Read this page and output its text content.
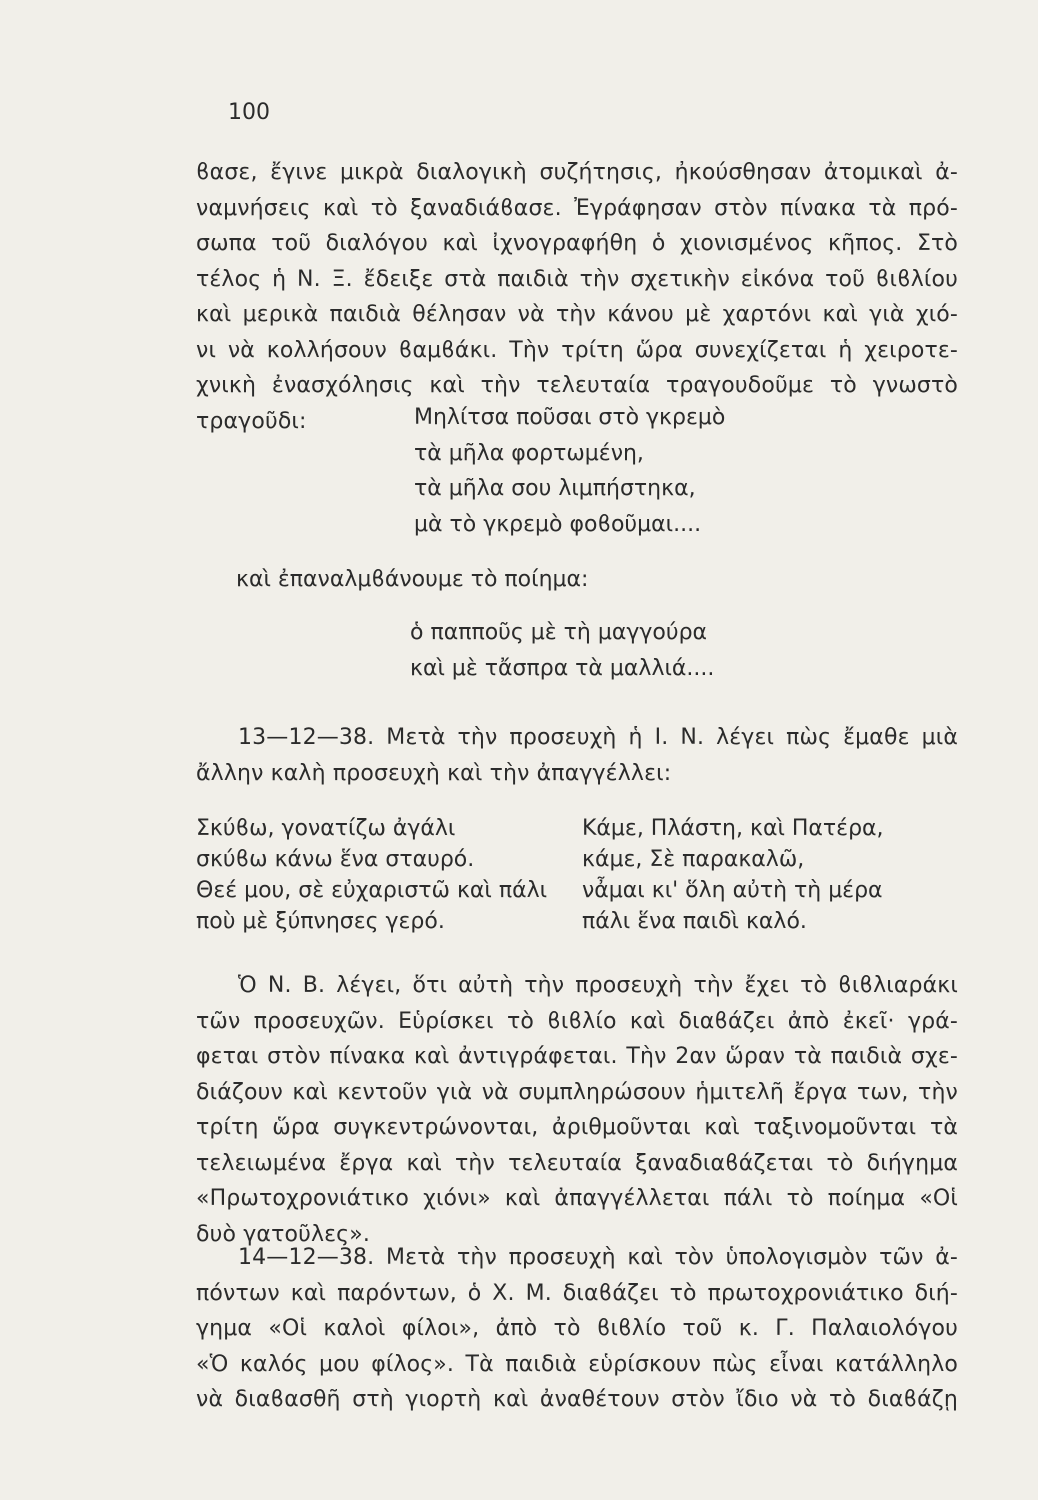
100
ϐασε, ἔγινε μικρὰ διαλογικὴ συζήτησις, ἠκούσθησαν ἀτομικαὶ ἀ-
ναμνήσεις καὶ τὸ ξαναδιάϐασε. Ἐγράφησαν στὸν πίνακα τὰ πρό-
σωπα τοῦ διαλόγου καὶ ἰχνογραφήθη ὁ χιονισμένος κῆπος. Στὸ
τέλος ἡ Ν. Ξ. ἔδειξε στὰ παιδιὰ τὴν σχετικὴν εἰκόνα τοῦ ϐιϐλίου
καὶ μερικὰ παιδιὰ θέλησαν νὰ τὴν κάνου μὲ χαρτόνι καὶ γιὰ χιό-
νι νὰ κολλήσουν ϐαμϐάκι. Τὴν τρίτη ὥρα συνεχίζεται ἡ χειροτε-
χνικὴ ἐνασχόλησις καὶ τὴν τελευταία τραγουδοῦμε τὸ γνωστὸ
τραγοῦδι:	Μηλίτσα ποῦσαι στὸ γκρεμὸ
τὰ μῆλα φορτωμένη,
τὰ μῆλα σου λιμπήστηκα,
μὰ τὸ γκρεμὸ φοϐοῦμαι....
καὶ ἐπαναλμϐάνουμε τὸ ποίημα:
ὁ παπποῦς μὲ τὴ μαγγούρα
καὶ μὲ τἄσπρα τὰ μαλλιά....
13—12—38. Μετὰ τὴν προσευχὴ ἡ Ι. Ν. λέγει πὼς ἔμαθε μιὰ
ἄλλην καλὴ προσευχὴ καὶ τὴν ἀπαγγέλλει:
Σκύϐω, γονατίζω ἀγάλι
σκύϐω κάνω ἕνα σταυρό.
Θεέ μου, σὲ εὐχαριστῶ καὶ πάλι
ποὺ μὲ ξύπνησες γερό.
Κάμε, Πλάστη, καὶ Πατέρα,
κάμε, Σὲ παρακαλῶ,
νἆμαι κι' ὅλη αὐτὴ τὴ μέρα
πάλι ἕνα παιδὶ καλό.
Ὁ Ν. Β. λέγει, ὅτι αὐτὴ τὴν προσευχὴ τὴν ἔχει τὸ ϐιϐλιαράκι
τῶν προσευχῶν. Εὑρίσκει τὸ ϐιϐλίο καὶ διαϐάζει ἀπὸ ἐκεῖ· γρά-
φεται στὸν πίνακα καὶ ἀντιγράφεται. Τὴν 2αν ὥραν τὰ παιδιὰ σχε-
διάζουν καὶ κεντοῦν γιὰ νὰ συμπληρώσουν ἡμιτελῆ ἔργα των, τὴν
τρίτη ὥρα συγκεντρώνονται, ἀριθμοῦνται καὶ ταξινομοῦνται τὰ
τελειωμένα ἔργα καὶ τὴν τελευταία ξαναδιαϐάζεται τὸ διήγημα
«Πρωτοχρονιάτικο χιόνι» καὶ ἀπαγγέλλεται πάλι τὸ ποίημα «Οἱ
δυὸ γατοῦλες».
14—12—38. Μετὰ τὴν προσευχὴ καὶ τὸν ὑπολογισμὸν τῶν ἀ-
πόντων καὶ παρόντων, ὁ Χ. Μ. διαϐάζει τὸ πρωτοχρονιάτικο διή-
γημα «Οἱ καλοὶ φίλοι», ἀπὸ τὸ ϐιϐλίο τοῦ κ. Γ. Παλαιολόγου
«Ὁ καλός μου φίλος». Τὰ παιδιὰ εὑρίσκουν πὼς εἶναι κατάλληλο
νὰ διαϐασθῆ στὴ γιορτὴ καὶ ἀναθέτουν στὸν ἴδιο νὰ τὸ διαϐάζῃ
